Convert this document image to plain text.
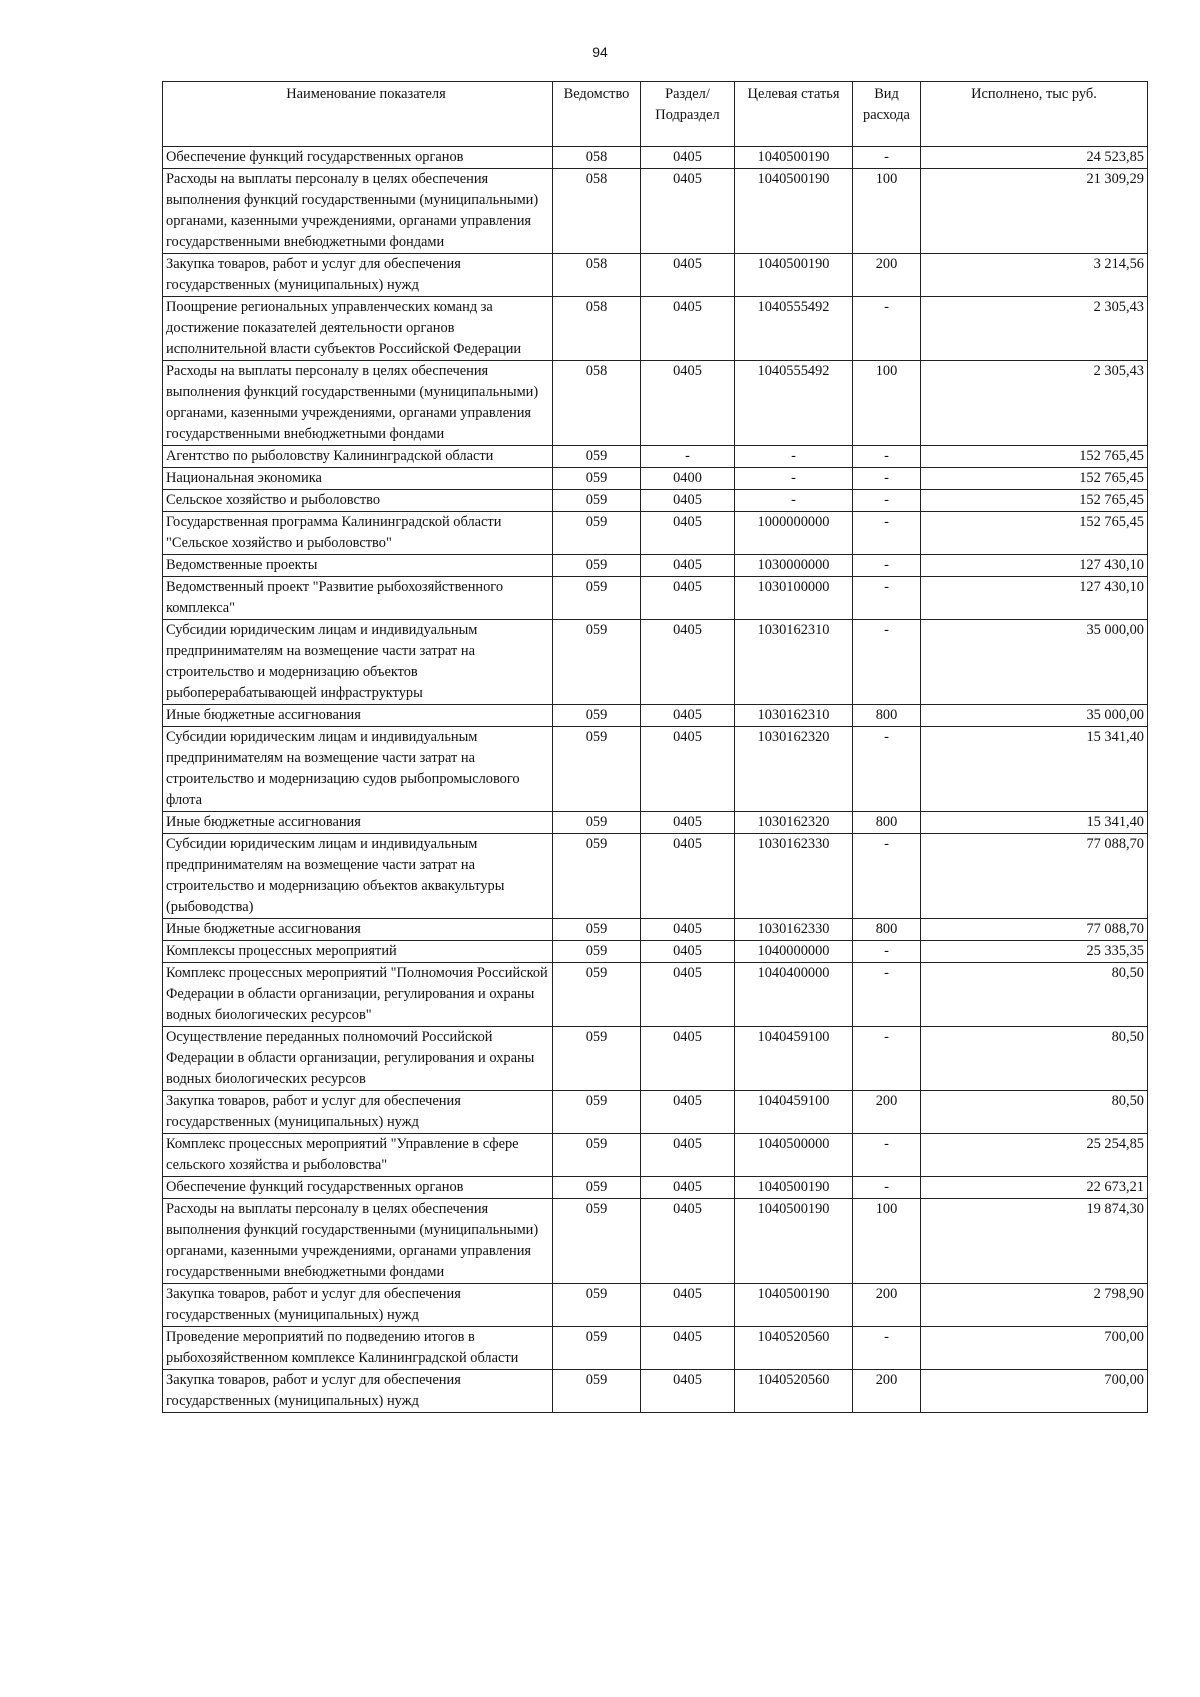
94
Наименование показателя	Ведомство	Раздел/ Подраздел	Целевая статья	Вид расхода	Исполнено, тыс руб.
Обеспечение функций государственных органов	058	0405	1040500190	-	24 523,85
Расходы на выплаты персоналу в целях обеспечения выполнения функций государственными (муниципальными) органами, казенными учреждениями, органами управления государственными внебюджетными фондами	058	0405	1040500190	100	21 309,29
Закупка товаров, работ и услуг для обеспечения государственных (муниципальных) нужд	058	0405	1040500190	200	3 214,56
Поощрение региональных управленческих команд за достижение показателей деятельности органов исполнительной власти субъектов Российской Федерации	058	0405	1040555492	-	2 305,43
Расходы на выплаты персоналу в целях обеспечения выполнения функций государственными (муниципальными) органами, казенными учреждениями, органами управления государственными внебюджетными фондами	058	0405	1040555492	100	2 305,43
Агентство по рыболовству Калининградской области	059	-	-	-	152 765,45
Национальная экономика	059	0400	-	-	152 765,45
Сельское хозяйство и рыболовство	059	0405	-	-	152 765,45
Государственная программа Калининградской области "Сельское хозяйство и рыболовство"	059	0405	1000000000	-	152 765,45
Ведомственные проекты	059	0405	1030000000	-	127 430,10
Ведомственный проект "Развитие рыбохозяйственного комплекса"	059	0405	1030100000	-	127 430,10
Субсидии юридическим лицам и индивидуальным предпринимателям на возмещение части затрат на строительство и модернизацию объектов рыбоперерабатывающей инфраструктуры	059	0405	1030162310	-	35 000,00
Иные бюджетные ассигнования	059	0405	1030162310	800	35 000,00
Субсидии юридическим лицам и индивидуальным предпринимателям на возмещение части затрат на строительство и модернизацию судов рыбопромыслового флота	059	0405	1030162320	-	15 341,40
Иные бюджетные ассигнования	059	0405	1030162320	800	15 341,40
Субсидии юридическим лицам и индивидуальным предпринимателям на возмещение части затрат на строительство и модернизацию объектов аквакультуры (рыбоводства)	059	0405	1030162330	-	77 088,70
Иные бюджетные ассигнования	059	0405	1030162330	800	77 088,70
Комплексы процессных мероприятий	059	0405	1040000000	-	25 335,35
Комплекс процессных мероприятий "Полномочия Российской Федерации в области организации, регулирования и охраны водных биологических ресурсов"	059	0405	1040400000	-	80,50
Осуществление переданных полномочий Российской Федерации в области организации, регулирования и охраны водных биологических ресурсов	059	0405	1040459100	-	80,50
Закупка товаров, работ и услуг для обеспечения государственных (муниципальных) нужд	059	0405	1040459100	200	80,50
Комплекс процессных мероприятий "Управление в сфере сельского хозяйства и рыболовства"	059	0405	1040500000	-	25 254,85
Обеспечение функций государственных органов	059	0405	1040500190	-	22 673,21
Расходы на выплаты персоналу в целях обеспечения выполнения функций государственными (муниципальными) органами, казенными учреждениями, органами управления государственными внебюджетными фондами	059	0405	1040500190	100	19 874,30
Закупка товаров, работ и услуг для обеспечения государственных (муниципальных) нужд	059	0405	1040500190	200	2 798,90
Проведение мероприятий по подведению итогов в рыбохозяйственном комплексе Калининградской области	059	0405	1040520560	-	700,00
Закупка товаров, работ и услуг для обеспечения государственных (муниципальных) нужд	059	0405	1040520560	200	700,00
